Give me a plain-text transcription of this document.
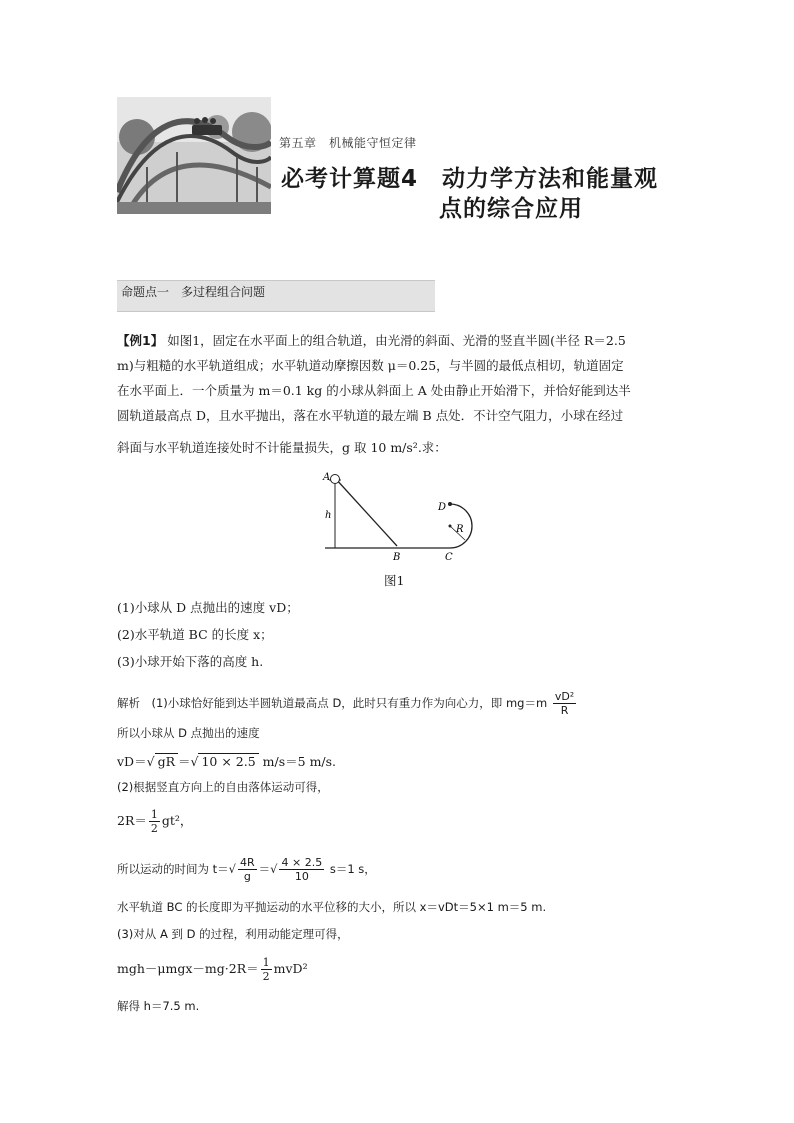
第五章　机械能守恒定律
必考计算题4　动力学方法和能量观
点的综合应用
命题点一　多过程组合问题
【例1】 如图1，固定在水平面上的组合轨道，由光滑的斜面、光滑的竖直半圆(半径 R＝2.5
m)与粗糙的水平轨道组成；水平轨道动摩擦因数 μ＝0.25，与半圆的最低点相切，轨道固定
在水平面上．一个质量为 m＝0.1 kg 的小球从斜面上 A 处由静止开始滑下，并恰好能到达半
圆轨道最高点 D，且水平抛出，落在水平轨道的最左端 B 点处．不计空气阻力，小球在经过
斜面与水平轨道连接处时不计能量损失，g 取 10 m/s².求：
A
h
B	C
D
R
图1
(1)小球从 D 点抛出的速度 vD；
(2)水平轨道 BC 的长度 x；
(3)小球开始下落的高度 h.
解析　(1)小球恰好能到达半圆轨道最高点 D，此时只有重力作为向心力，即 $mg=m \frac{\text{vD²}}{R}$
所以小球从 D 点抛出的速度
vD＝√ gR ＝√ 10 × 2.5 m/s＝5 m/s.
(2)根据竖直方向上的自由落体运动可得，
$2R= \frac{1}{2} gt^2$，
所以运动的时间为 $t=√ \frac{4R}{g}$ ＝√ $\frac{4 \times 2.5}{10} s=1$ s，
水平轨道 BC 的长度即为平抛运动的水平位移的大小，所以 x＝vDt＝5×1 m＝5 m.
(3)对从 A 到 D 的过程，利用动能定理可得，
$mgh-\mu mgx-mg\cdot 2R= \frac{1}{2} mvD^2$
解得 h＝7.5 m.
